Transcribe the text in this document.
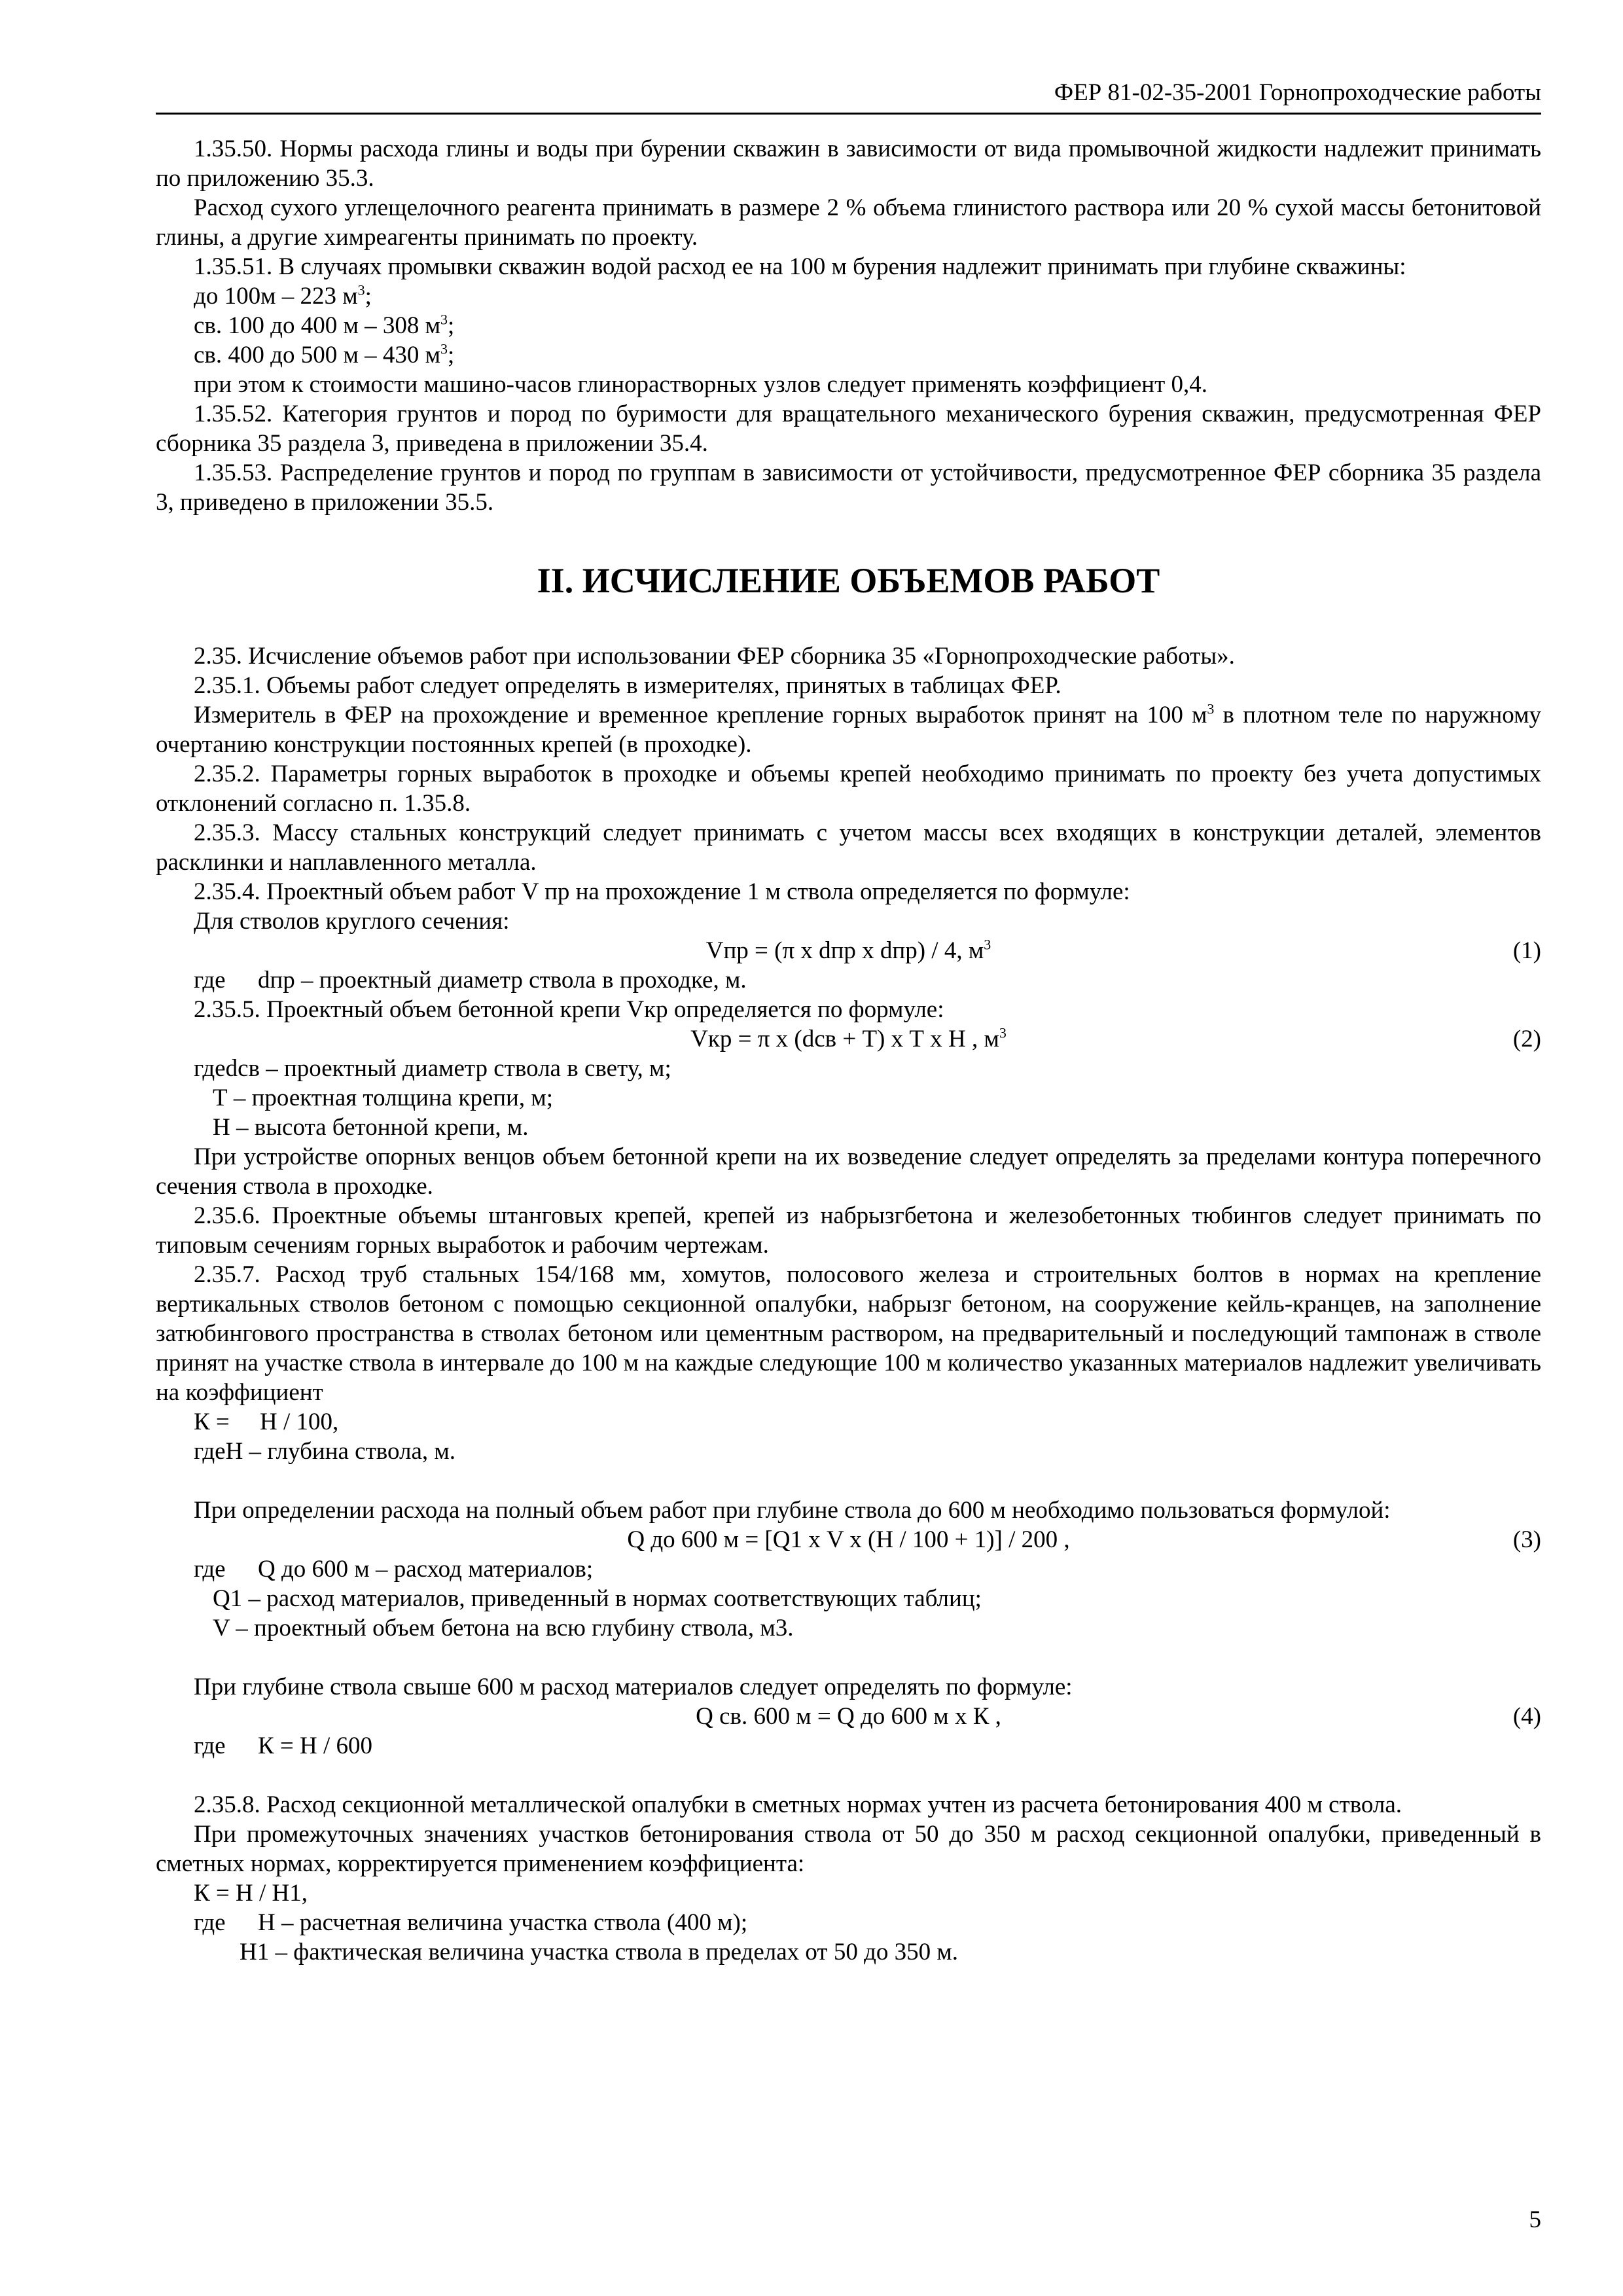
ФЕР 81-02-35-2001 Горнопроходческие работы

1.35.50. Нормы расхода глины и воды при бурении скважин в зависимости от вида промывочной жидкости надлежит принимать по приложению 35.3.

Расход сухого углещелочного реагента принимать в размере 2 % объема глинистого раствора или 20 % сухой массы бетонитовой глины, а другие химреагенты принимать по проекту.

1.35.51. В случаях промывки скважин водой расход ее на 100 м бурения надлежит принимать при глубине скважины:

до 100м – 223 $м^3$;

св. 100 до 400 м – 308 $м^3$;

св. 400 до 500 м – 430 $м^3$;

при этом к стоимости машино-часов глинорастворных узлов следует применять коэффициент 0,4.

1.35.52. Категория грунтов и пород по буримости для вращательного механического бурения скважин, предусмотренная ФЕР сборника 35 раздела 3, приведена в приложении 35.4.

1.35.53. Распределение грунтов и пород по группам в зависимости от устойчивости, предусмотренное ФЕР сборника 35 раздела 3, приведено в приложении 35.5.

II. ИСЧИСЛЕНИЕ ОБЪЕМОВ РАБОТ

2.35. Исчисление объемов работ при использовании ФЕР сборника 35 «Горнопроходческие работы».

2.35.1. Объемы работ следует определять в измерителях, принятых в таблицах ФЕР.

Измеритель в ФЕР на прохождение и временное крепление горных выработок принят на 100 $м^3$ в плотном теле по наружному очертанию конструкции постоянных крепей (в проходке).

2.35.2. Параметры горных выработок в проходке и объемы крепей необходимо принимать по проекту без учета допустимых отклонений согласно п. 1.35.8.

2.35.3. Массу стальных конструкций следует принимать с учетом массы всех входящих в конструкции деталей, элементов расклинки и наплавленного металла.

2.35.4. Проектный объем работ V пр на прохождение 1 м ствола определяется по формуле:

Для стволов круглого сечения:

Vпр = (π х dпр х dпр) / 4, $м^3$	(1)
где	dпр – проектный диаметр ствола в проходке, м.

2.35.5. Проектный объем бетонной крепи Vкр определяется по формуле:

Vкр = π х (dсв + Т) х Т х Н , $м^3$	(2)

гдеdсв – проектный диаметр ствола в свету, м;

Т – проектная толщина крепи, м;

Н – высота бетонной крепи, м.

При устройстве опорных венцов объем бетонной крепи на их возведение следует определять за пределами контура поперечного сечения ствола в проходке.

2.35.6. Проектные объемы штанговых крепей, крепей из набрызгбетона и железобетонных тюбингов следует принимать по типовым сечениям горных выработок и рабочим чертежам.

2.35.7. Расход труб стальных 154/168 мм, хомутов, полосового железа и строительных болтов в нормах на крепление вертикальных стволов бетоном с помощью секционной опалубки, набрызг бетоном, на сооружение кейль-кранцев, на заполнение затюбингового пространства в стволах бетоном или цементным раствором, на предварительный и последующий тампонаж в стволе принят на участке ствола в интервале до 100 м на каждые следующие 100 м количество указанных материалов надлежит увеличивать на коэффициент

К =     Н / 100,

гдеН – глубина ствола, м.

При определении расхода на полный объем работ при глубине ствола до 600 м необходимо пользоваться формулой:

Q до 600 м = [Q1 х V х (Н / 100 + 1)] / 200 ,	(3)
где	Q до 600 м – расход материалов;

Q1 – расход материалов, приведенный в нормах соответствующих таблиц;

V – проектный объем бетона на всю глубину ствола, м3.

При глубине ствола свыше 600 м расход материалов следует определять по формуле:

Q св. 600 м = Q до 600 м х К ,	(4)
где	К = Н / 600

2.35.8. Расход секционной металлической опалубки в сметных нормах учтен из расчета бетонирования 400 м ствола.

При промежуточных значениях участков бетонирования ствола от 50 до 350 м расход секционной опалубки, приведенный в сметных нормах, корректируется применением коэффициента:

К = Н / Н1,

где	Н – расчетная величина участка ствола (400 м);

Н1 – фактическая величина участка ствола в пределах от 50 до 350 м.

5
